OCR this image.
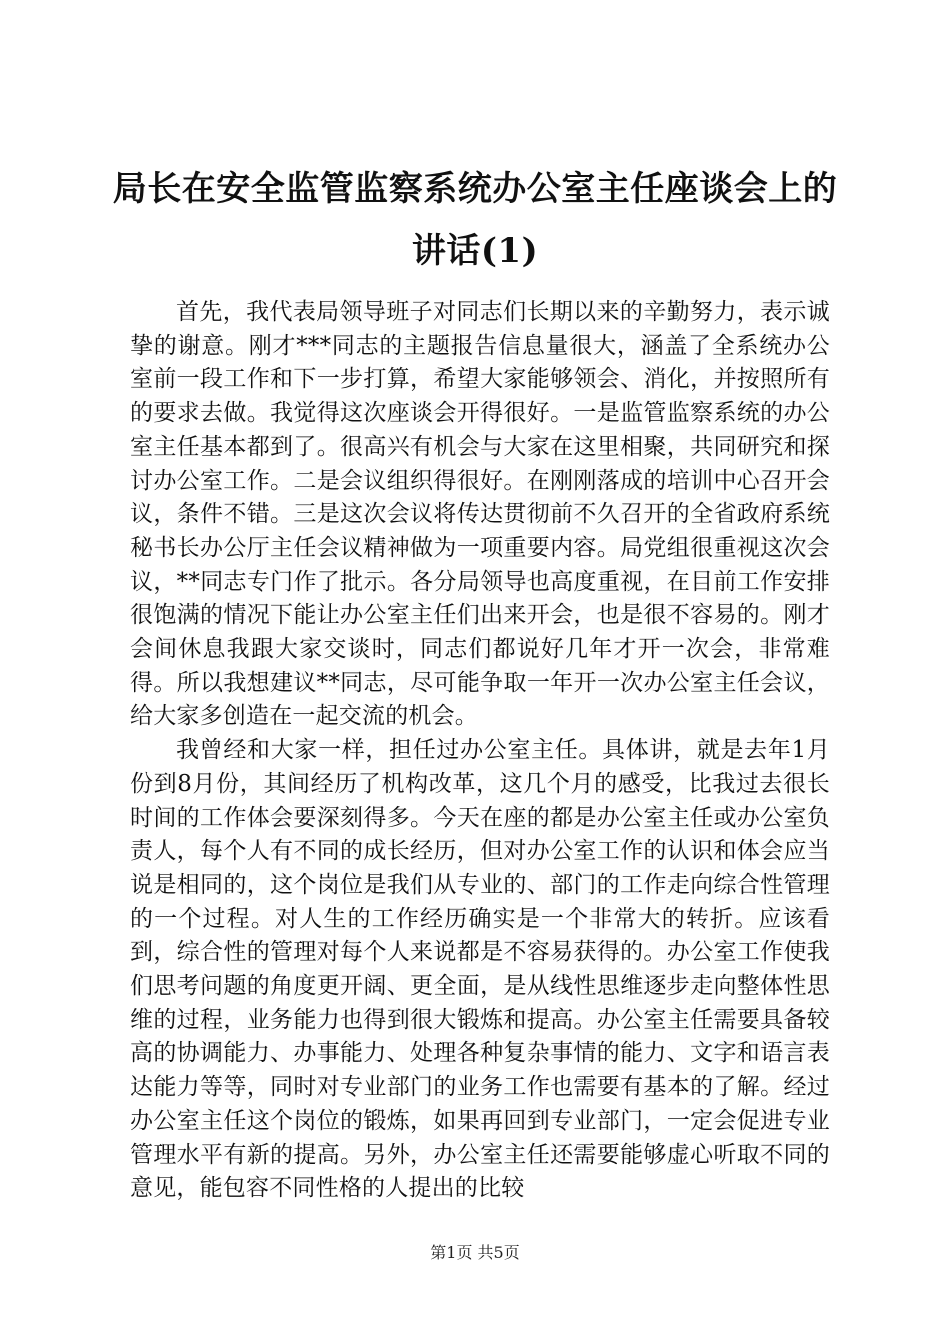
局长在安全监管监察系统办公室主任座谈会上的讲话(1)

首先，我代表局领导班子对同志们长期以来的辛勤努力，表示诚挚的谢意。刚才***同志的主题报告信息量很大，涵盖了全系统办公室前一段工作和下一步打算，希望大家能够领会、消化，并按照所有的要求去做。我觉得这次座谈会开得很好。一是监管监察系统的办公室主任基本都到了。很高兴有机会与大家在这里相聚，共同研究和探讨办公室工作。二是会议组织得很好。在刚刚落成的培训中心召开会议，条件不错。三是这次会议将传达贯彻前不久召开的全省政府系统秘书长办公厅主任会议精神做为一项重要内容。局党组很重视这次会议，**同志专门作了批示。各分局领导也高度重视，在目前工作安排很饱满的情况下能让办公室主任们出来开会，也是很不容易的。刚才会间休息我跟大家交谈时，同志们都说好几年才开一次会，非常难得。所以我想建议**同志，尽可能争取一年开一次办公室主任会议，给大家多创造在一起交流的机会。

我曾经和大家一样，担任过办公室主任。具体讲，就是去年1月份到8月份，其间经历了机构改革，这几个月的感受，比我过去很长时间的工作体会要深刻得多。今天在座的都是办公室主任或办公室负责人，每个人有不同的成长经历，但对办公室工作的认识和体会应当说是相同的，这个岗位是我们从专业的、部门的工作走向综合性管理的一个过程。对人生的工作经历确实是一个非常大的转折。应该看到，综合性的管理对每个人来说都是不容易获得的。办公室工作使我们思考问题的角度更开阔、更全面，是从线性思维逐步走向整体性思维的过程，业务能力也得到很大锻炼和提高。办公室主任需要具备较高的协调能力、办事能力、处理各种复杂事情的能力、文字和语言表达能力等等，同时对专业部门的业务工作也需要有基本的了解。经过办公室主任这个岗位的锻炼，如果再回到专业部门，一定会促进专业管理水平有新的提高。另外，办公室主任还需要能够虚心听取不同的意见，能包容不同性格的人提出的比较

第1页 共5页
